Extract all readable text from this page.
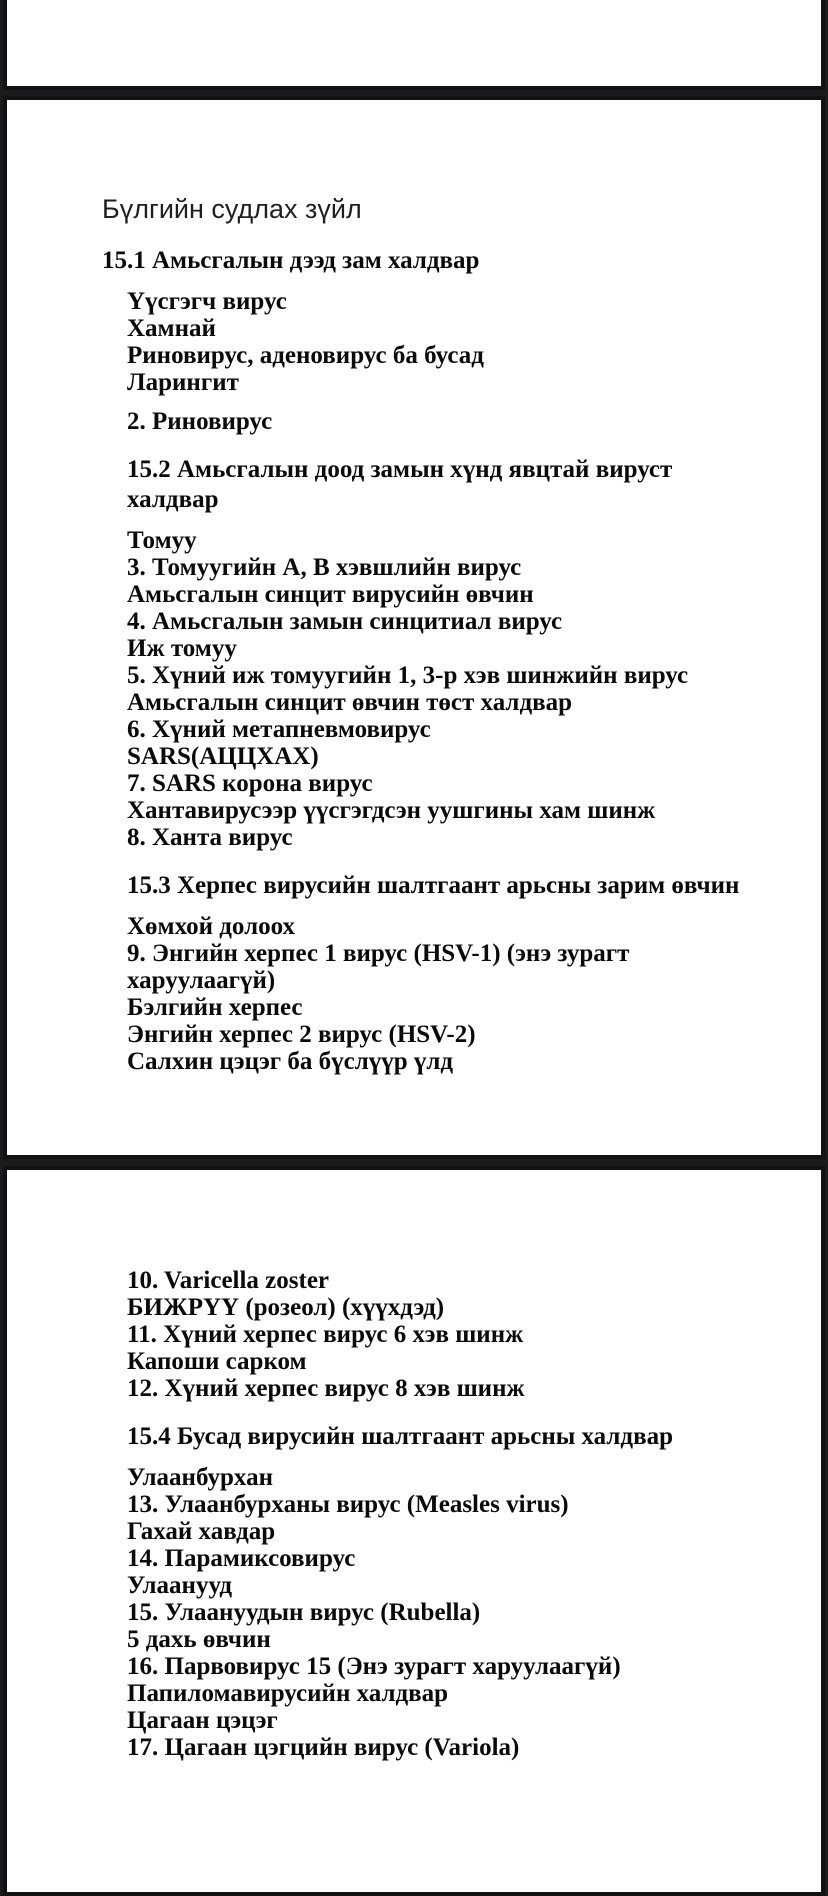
Бүлгийн судлах зүйл
15.1 Амьсгалын дээд зам халдвар
Үүсгэгч вирус
Хамнай
Риновирус, аденовирус ба бусад
Ларингит
2. Риновирус
15.2 Амьсгалын доод замын хүнд явцтай вируст
халдвар
Томуу
3. Томуугийн А, В хэвшлийн вирус
Амьсгалын синцит вирусийн өвчин
4. Амьсгалын замын синцитиал вирус
Иж томуу
5. Хүний иж томуугийн 1, 3-р хэв шинжийн вирус
Амьсгалын синцит өвчин төст халдвар
6. Хүний метапневмовирус
SARS(АЦЦХАХ)
7. SARS корона вирус
Хантавирусээр үүсгэгдсэн уушгины хам шинж
8. Ханта вирус
15.3 Херпес вирусийн шалтгаант арьсны зарим өвчин
Хөмхой долоох
9. Энгийн херпес 1 вирус (HSV-1) (энэ зурагт
харуулаагүй)
Бэлгийн херпес
Энгийн херпес 2 вирус (HSV-2)
Салхин цэцэг ба бүслүүр үлд
10. Varicella zoster
БИЖРҮҮ (розеол) (хүүхдэд)
11. Хүний херпес вирус 6 хэв шинж
Капоши сарком
12. Хүний херпес вирус 8 хэв шинж
15.4 Бусад вирусийн шалтгаант арьсны халдвар
Улаанбурхан
13. Улаанбурханы вирус (Measles virus)
Гахай хавдар
14. Парамиксовирус
Улаанууд
15. Улаануудын вирус (Rubella)
5 дахь өвчин
16. Парвовирус 15 (Энэ зурагт харуулаагүй)
Папиломавирусийн халдвар
Цагаан цэцэг
17. Цагаан цэгцийн вирус (Variola)
